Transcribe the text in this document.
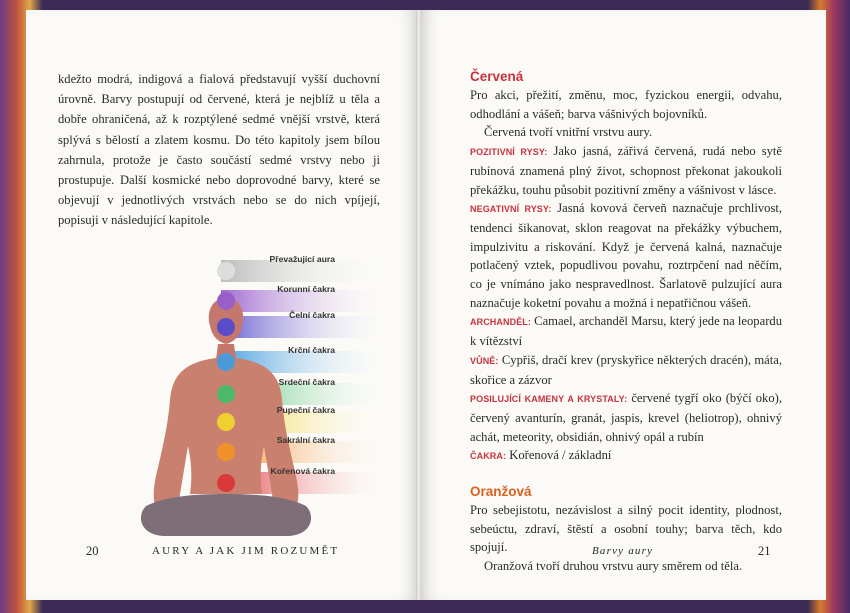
kdežto modrá, indigová a fialová představují vyšší duchovní úrovně. Barvy postupují od červené, která je nejblíž u těla a dobře ohraničená, až k rozptýlené sedmé vnější vrstvě, která splývá s bělostí a zlatem kosmu. Do této kapitoly jsem bílou zahrnula, protože je často součástí sedmé vrstvy nebo ji prostupuje. Další kosmické nebo doprovodné barvy, které se objevují v jednotlivých vrstvách nebo se do nich vpíjejí, popisuji v následující kapitole.

Převažující aura
Korunní čakra
Čelní čakra
Krční čakra
Srdeční čakra
Pupeční čakra
Sakrální čakra
Kořenová čakra
20	AURY A JAK JIM ROZUMĚT
Červená

Pro akci, přežití, změnu, moc, fyzickou energii, odvahu, odhodlání a vášeň; barva vášnivých bojovníků.

Červená tvoří vnitřní vrstvu aury.

POZITIVNÍ RYSY: Jako jasná, zářivá červená, rudá nebo sytě rubínová znamená plný život, schopnost překonat jakoukoli překážku, touhu působit pozitivní změny a vášnivost v lásce.

NEGATIVNÍ RYSY: Jasná kovová červeň naznačuje prchlivost, tendenci šikanovat, sklon reagovat na překážky výbuchem, impulzivitu a riskování. Když je červená kalná, naznačuje potlačený vztek, popudlivou povahu, roztrpčení nad něčím, co je vnímáno jako nespravedlnost. Šarlatově pulzující aura naznačuje koketní povahu a možná i nepatřičnou vášeň.

ARCHANDĚL: Camael, archanděl Marsu, který jede na leopardu k vítězství

VŮNĚ: Cypřiš, dračí krev (pryskyřice některých dracén), máta, skořice a zázvor

POSILUJÍCÍ KAMENY A KRYSTALY: červené tygří oko (býčí oko), červený avanturín, granát, jaspis, krevel (heliotrop), ohnivý achát, meteority, obsidián, ohnivý opál a rubín

ČAKRA: Kořenová / základní

Oranžová

Pro sebejistotu, nezávislost a silný pocit identity, plodnost, sebeúctu, zdraví, štěstí a osobní touhy; barva těch, kdo spojují.

Oranžová tvoří druhou vrstvu aury směrem od těla.

Barvy aury	21
